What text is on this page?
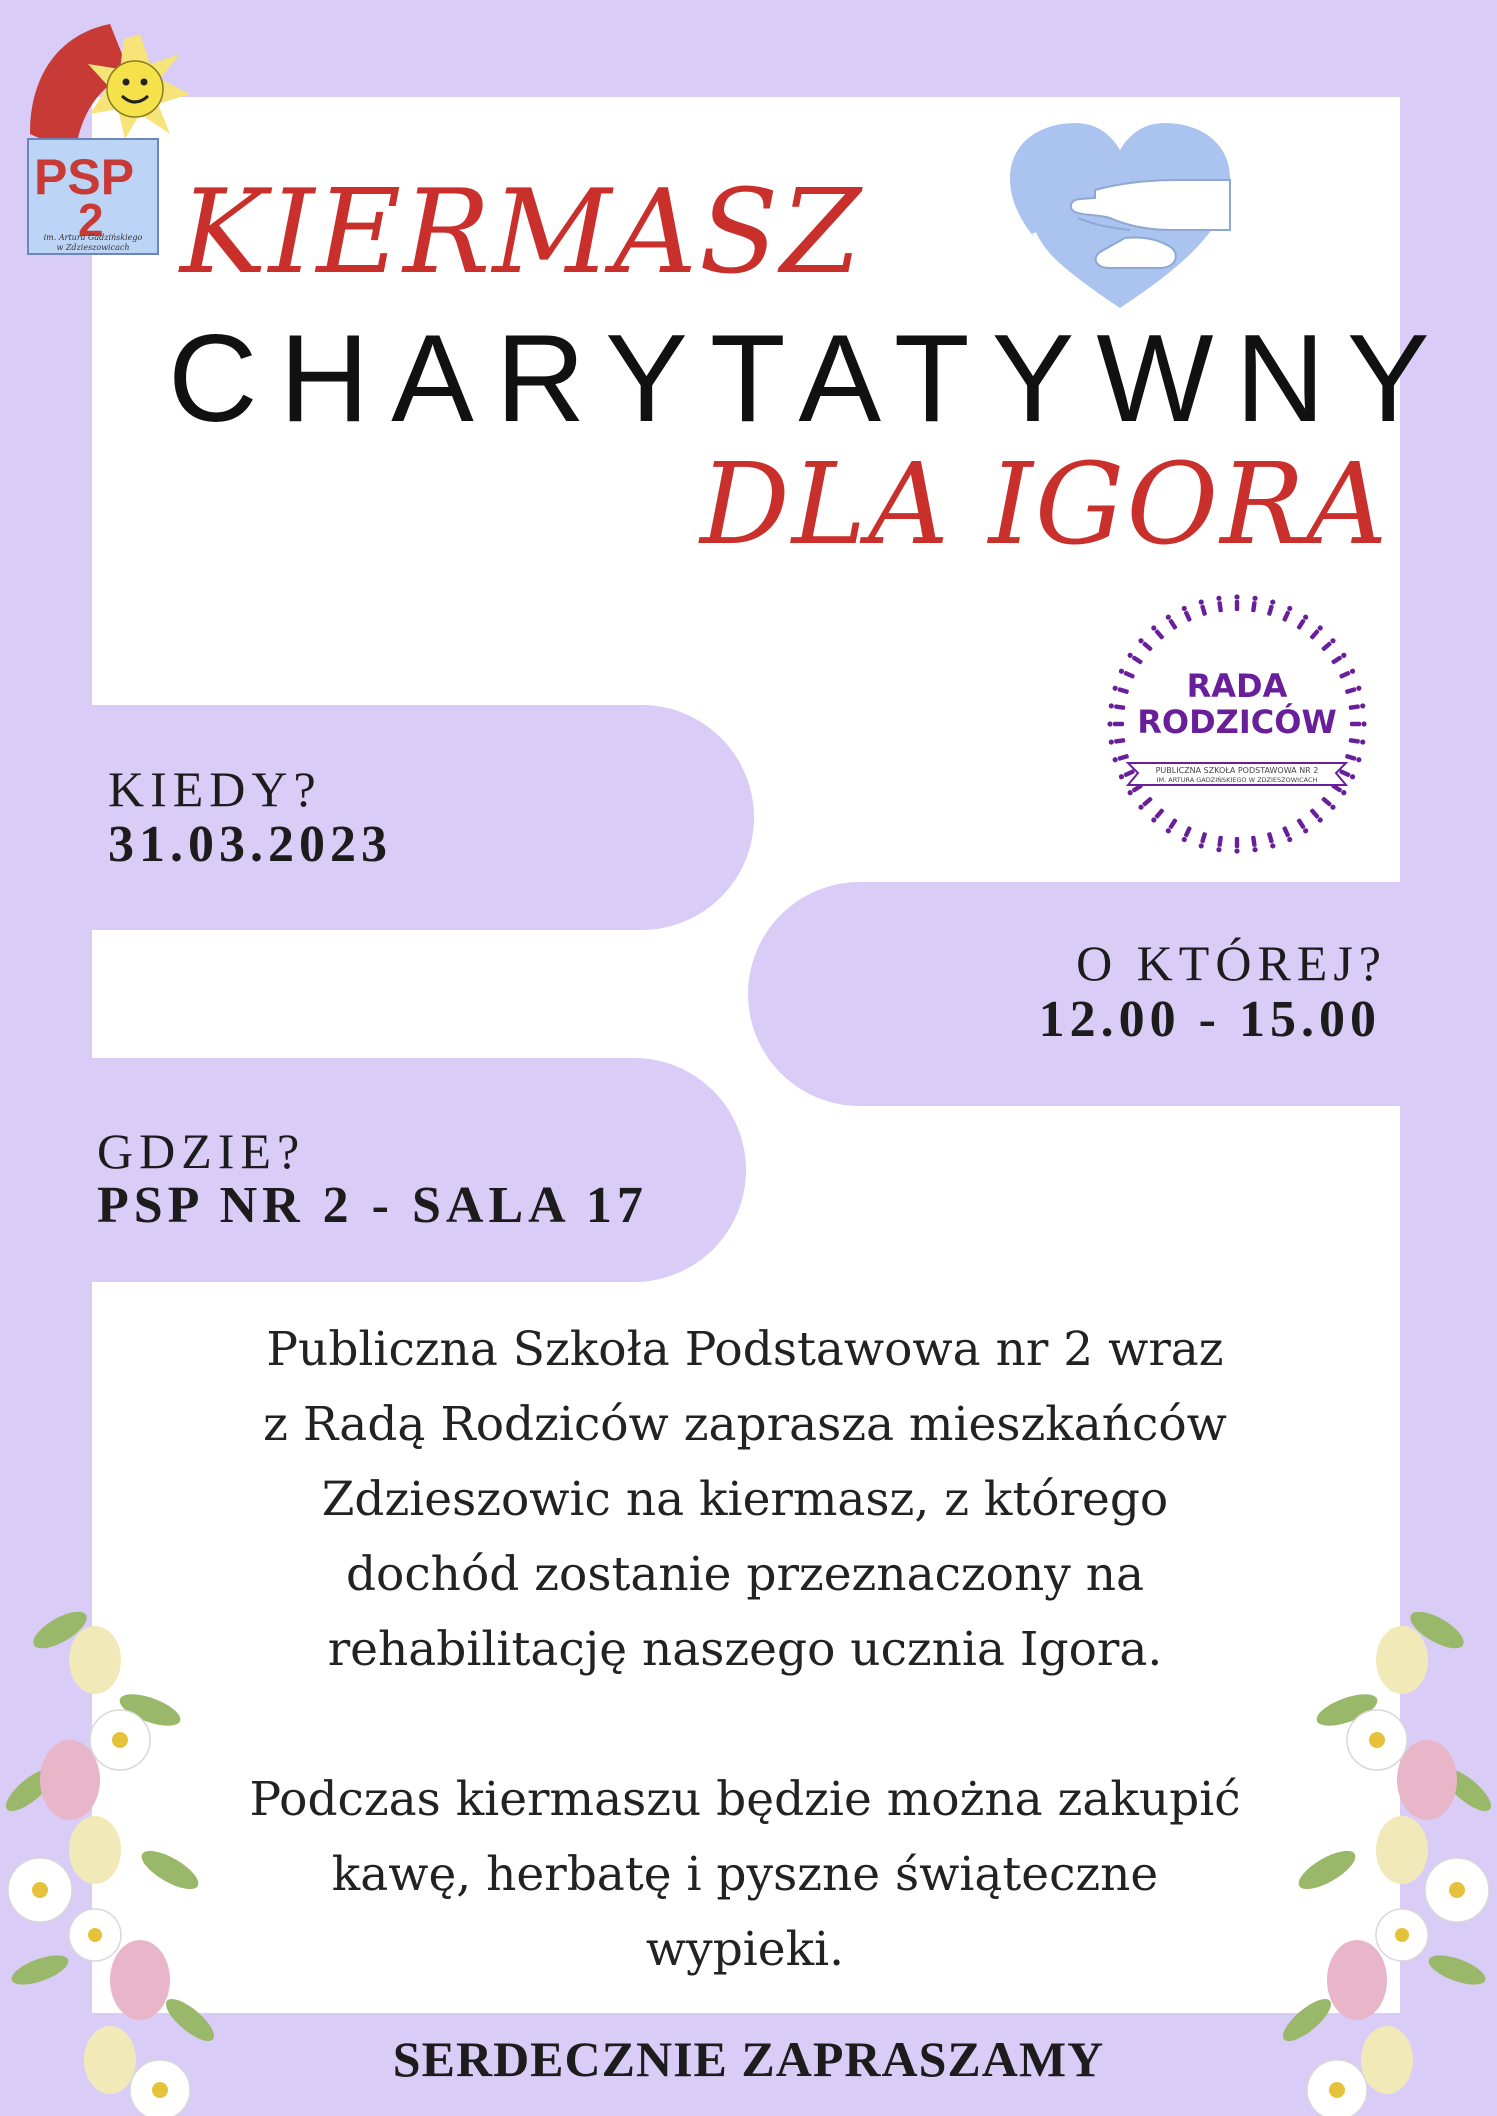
PSP
2
im. Artura Gadzińskiego
w Zdzieszowicach
RADA
RODZICÓW
PUBLICZNA SZKOŁA PODSTAWOWA NR 2
IM. ARTURA GADZIŃSKIEGO W ZDZIESZOWICACH
KIERMASZ
CHARYTATYWNY
DLA IGORA
KIEDY?
31.03.2023
O KTÓREJ?
12.00 - 15.00
GDZIE?
PSP NR 2 - SALA 17
Publiczna Szkoła Podstawowa nr 2 wraz
z Radą Rodziców zaprasza mieszkańców
Zdzieszowic na kiermasz, z którego
dochód zostanie przeznaczony na
rehabilitację naszego ucznia Igora.
Podczas kiermaszu będzie można zakupić
kawę, herbatę i pyszne świąteczne
wypieki.
SERDECZNIE ZAPRASZAMY
